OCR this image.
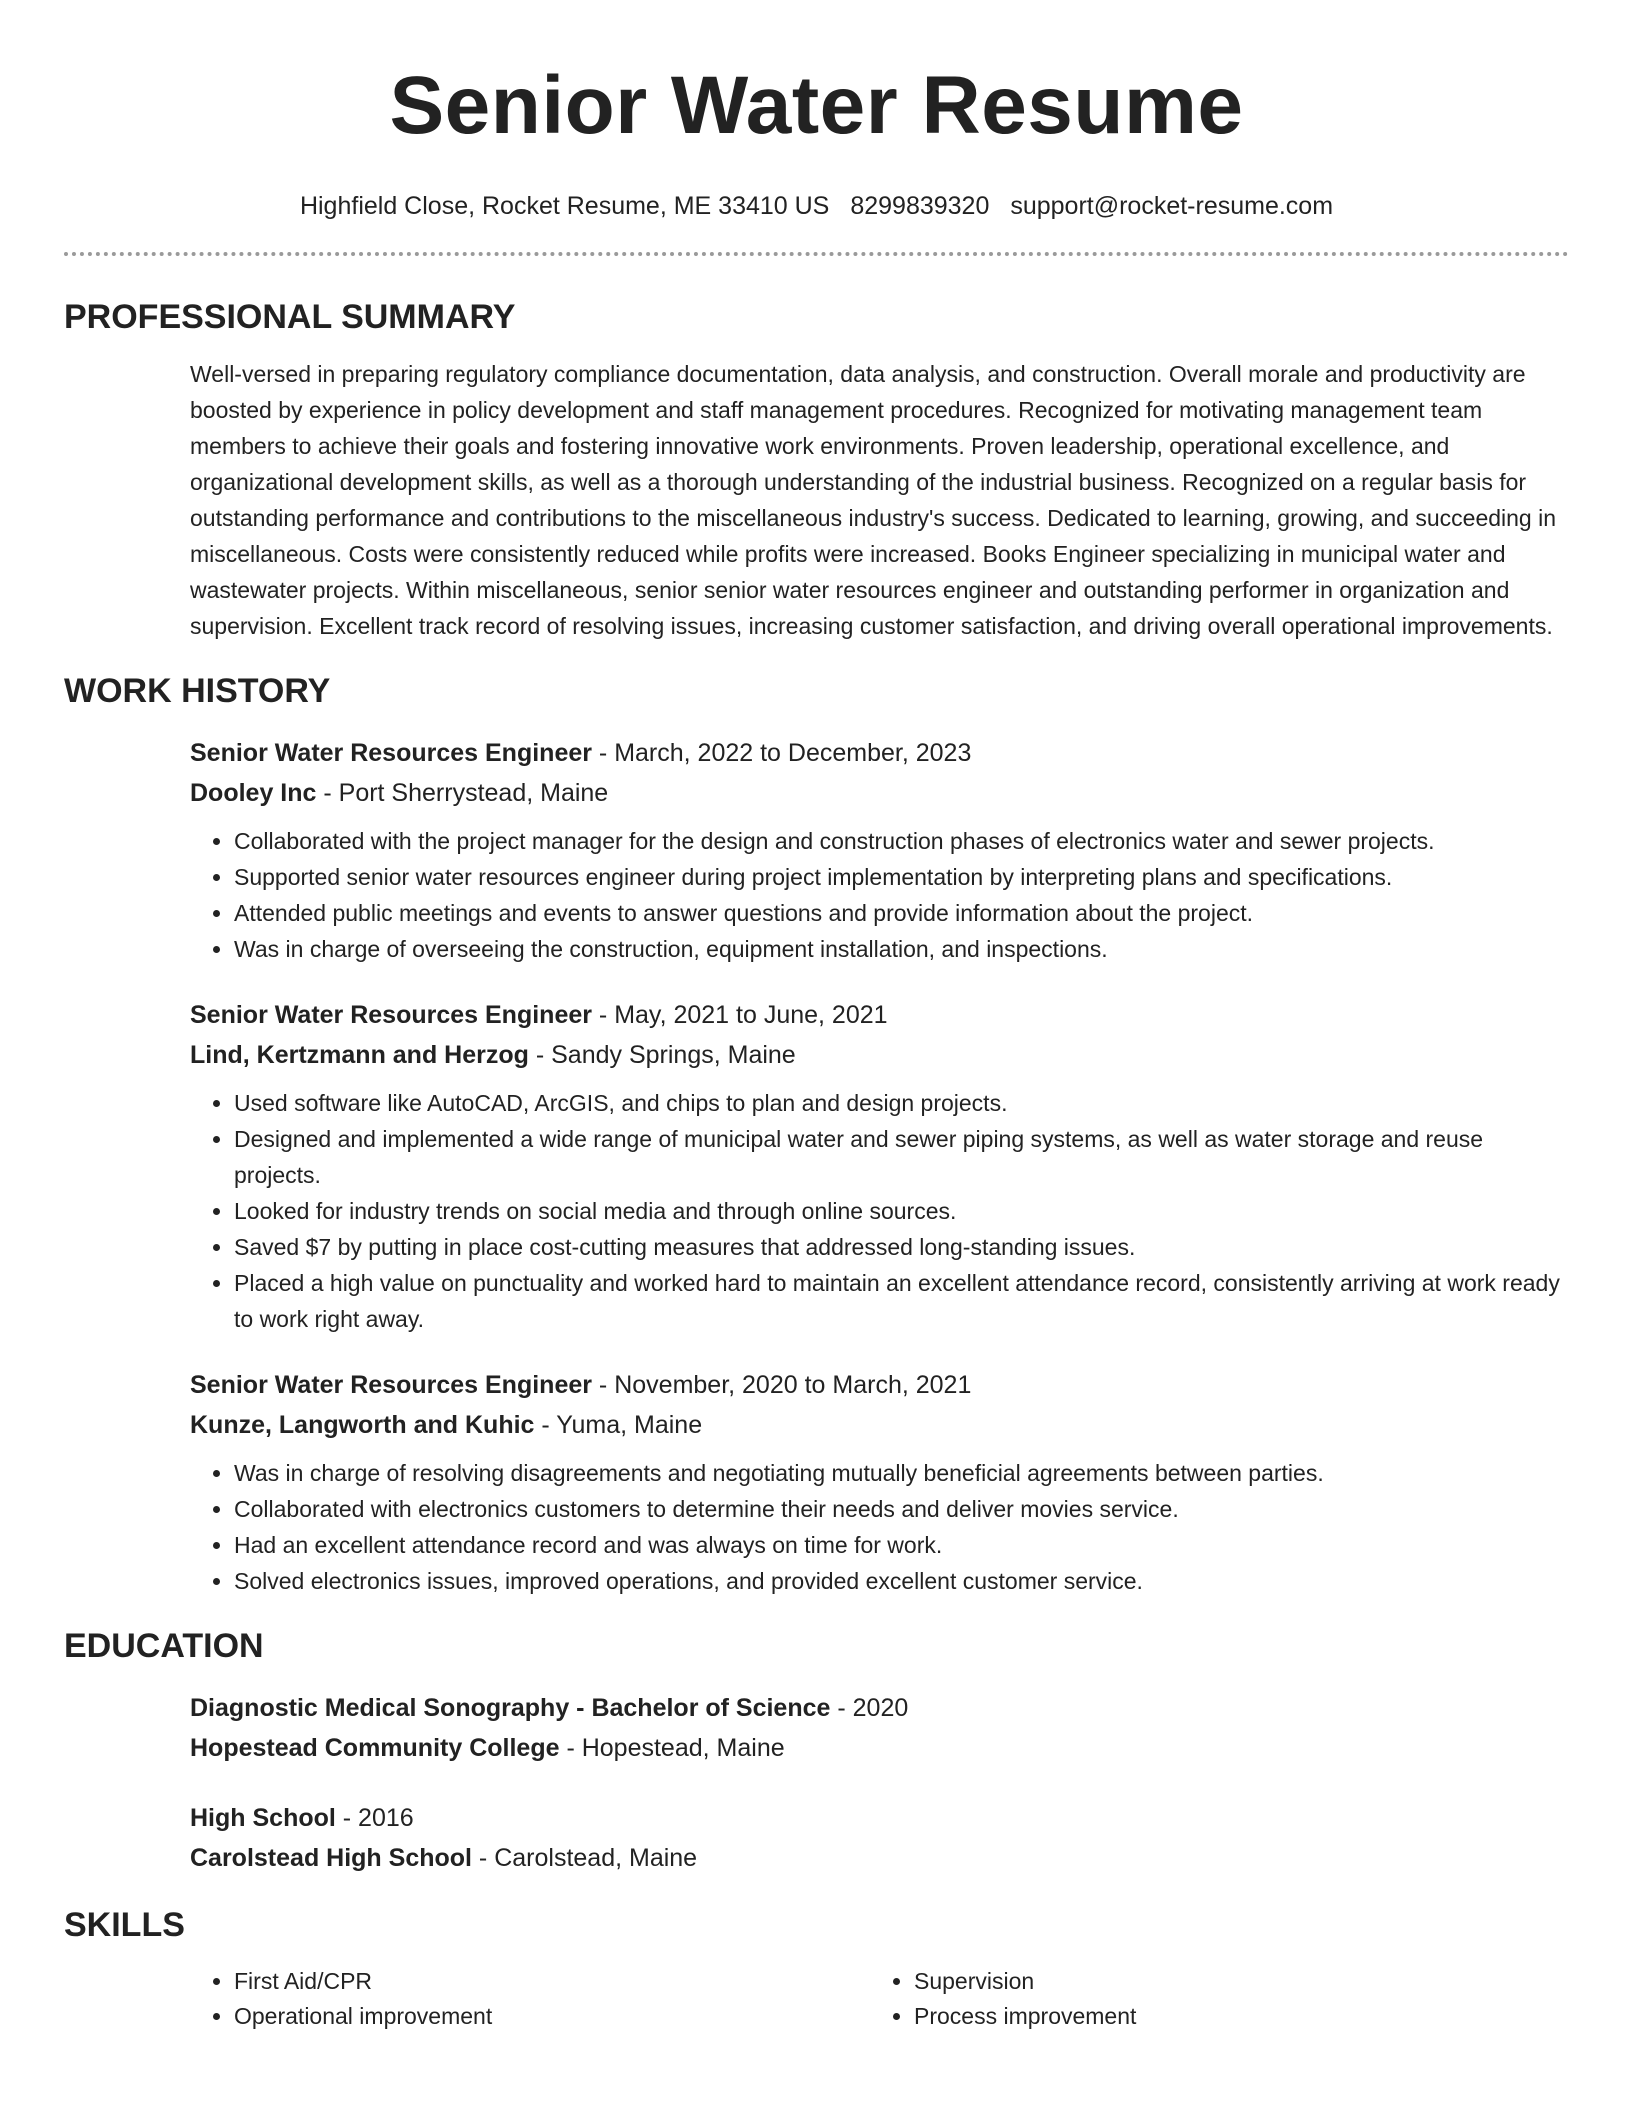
Senior Water Resume
Highfield Close, Rocket Resume, ME 33410 US 8299839320 support@rocket-resume.com
PROFESSIONAL SUMMARY

Well-versed in preparing regulatory compliance documentation, data analysis, and construction. Overall morale and productivity are boosted by experience in policy development and staff management procedures. Recognized for motivating management team members to achieve their goals and fostering innovative work environments. Proven leadership, operational excellence, and organizational development skills, as well as a thorough understanding of the industrial business. Recognized on a regular basis for outstanding performance and contributions to the miscellaneous industry's success. Dedicated to learning, growing, and succeeding in miscellaneous. Costs were consistently reduced while profits were increased. Books Engineer specializing in municipal water and wastewater projects. Within miscellaneous, senior senior water resources engineer and outstanding performer in organization and supervision. Excellent track record of resolving issues, increasing customer satisfaction, and driving overall operational improvements.

WORK HISTORY
Senior Water Resources Engineer - March, 2022 to December, 2023
Dooley Inc - Port Sherrystead, Maine
• Collaborated with the project manager for the design and construction phases of electronics water and sewer projects.
• Supported senior water resources engineer during project implementation by interpreting plans and specifications.
• Attended public meetings and events to answer questions and provide information about the project.
• Was in charge of overseeing the construction, equipment installation, and inspections.
Senior Water Resources Engineer - May, 2021 to June, 2021
Lind, Kertzmann and Herzog - Sandy Springs, Maine
• Used software like AutoCAD, ArcGIS, and chips to plan and design projects.
• Designed and implemented a wide range of municipal water and sewer piping systems, as well as water storage and reuse projects.
• Looked for industry trends on social media and through online sources.
• Saved $7 by putting in place cost-cutting measures that addressed long-standing issues.
• Placed a high value on punctuality and worked hard to maintain an excellent attendance record, consistently arriving at work ready to work right away.
Senior Water Resources Engineer - November, 2020 to March, 2021
Kunze, Langworth and Kuhic - Yuma, Maine
• Was in charge of resolving disagreements and negotiating mutually beneficial agreements between parties.
• Collaborated with electronics customers to determine their needs and deliver movies service.
• Had an excellent attendance record and was always on time for work.
• Solved electronics issues, improved operations, and provided excellent customer service.
EDUCATION
Diagnostic Medical Sonography - Bachelor of Science - 2020
Hopestead Community College - Hopestead, Maine
High School - 2016
Carolstead High School - Carolstead, Maine
SKILLS
• First Aid/CPR
• Operational improvement
• Supervision
• Process improvement
